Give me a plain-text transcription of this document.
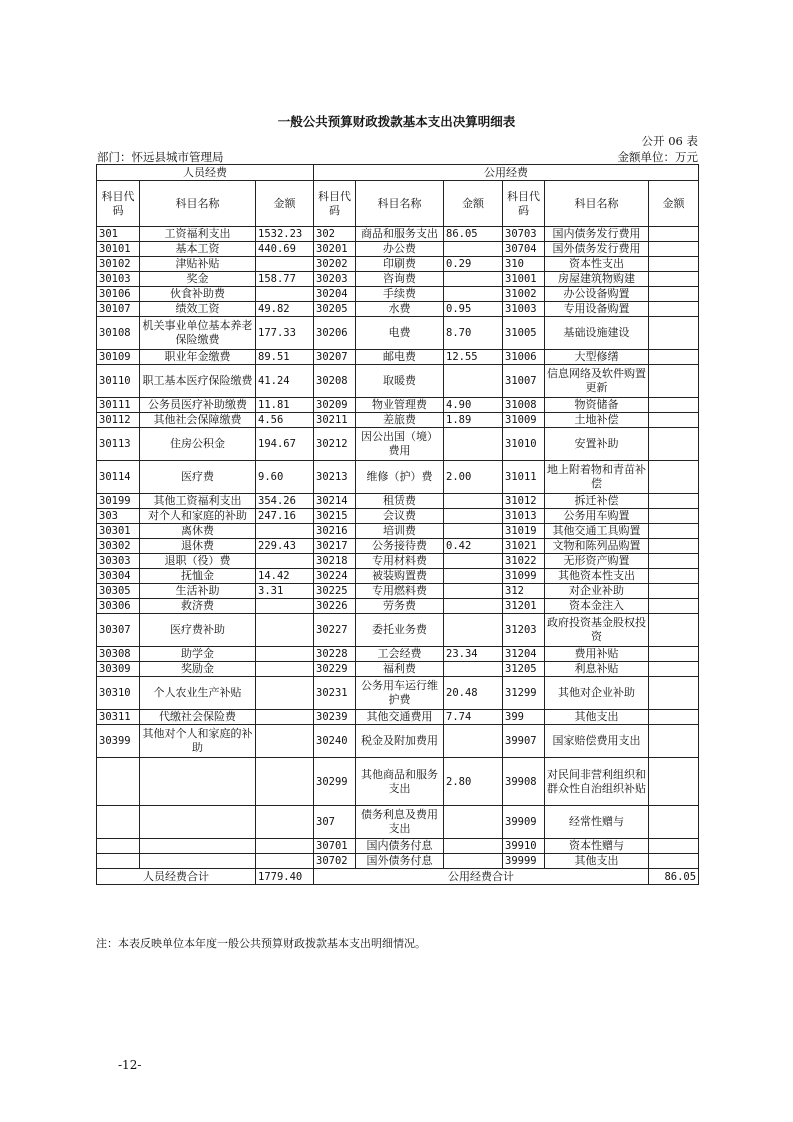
一般公共预算财政拨款基本支出决算明细表
公开 06 表
部门：怀远县城市管理局	金额单位：万元
人员经费			公用经费					
科目代码	科目名称	金额	科目代码	科目名称	金额	科目代码	科目名称	金额
301	工资福利支出	1532.23	302	商品和服务支出	86.05	30703	国内债务发行费用	
30101	基本工资	440.69	30201	办公费		30704	国外债务发行费用	
30102	津贴补贴		30202	印刷费	0.29	310	资本性支出	
30103	奖金	158.77	30203	咨询费		31001	房屋建筑物购建	
30106	伙食补助费		30204	手续费		31002	办公设备购置	
30107	绩效工资	49.82	30205	水费	0.95	31003	专用设备购置	
30108	机关事业单位基本养老保险缴费	177.33	30206	电费	8.70	31005	基础设施建设	
30109	职业年金缴费	89.51	30207	邮电费	12.55	31006	大型修缮	
30110	职工基本医疗保险缴费	41.24	30208	取暖费		31007	信息网络及软件购置更新	
30111	公务员医疗补助缴费	11.81	30209	物业管理费	4.90	31008	物资储备	
30112	其他社会保障缴费	4.56	30211	差旅费	1.89	31009	土地补偿	
30113	住房公积金	194.67	30212	因公出国（境）费用		31010	安置补助	
30114	医疗费	9.60	30213	维修（护）费	2.00	31011	地上附着物和青苗补偿	
30199	其他工资福利支出	354.26	30214	租赁费		31012	拆迁补偿	
303	对个人和家庭的补助	247.16	30215	会议费		31013	公务用车购置	
30301	离休费		30216	培训费		31019	其他交通工具购置	
30302	退休费	229.43	30217	公务接待费	0.42	31021	文物和陈列品购置	
30303	退职（役）费		30218	专用材料费		31022	无形资产购置	
30304	抚恤金	14.42	30224	被装购置费		31099	其他资本性支出	
30305	生活补助	3.31	30225	专用燃料费		312	对企业补助	
30306	救济费		30226	劳务费		31201	资本金注入	
30307	医疗费补助		30227	委托业务费		31203	政府投资基金股权投资	
30308	助学金		30228	工会经费	23.34	31204	费用补贴	
30309	奖励金		30229	福利费		31205	利息补贴	
30310	个人农业生产补贴		30231	公务用车运行维护费	20.48	31299	其他对企业补助	
30311	代缴社会保险费		30239	其他交通费用	7.74	399	其他支出	
30399	其他对个人和家庭的补助		30240	税金及附加费用		39907	国家赔偿费用支出	
			30299	其他商品和服务支出	2.80	39908	对民间非营利组织和群众性自治组织补贴	
			307	债务利息及费用支出		39909	经常性赠与	
			30701	国内债务付息		39910	资本性赠与	
			30702	国外债务付息		39999	其他支出	
人员经费合计		1779.40	公用经费合计					86.05
注：本表反映单位本年度一般公共预算财政拨款基本支出明细情况。
-12-
